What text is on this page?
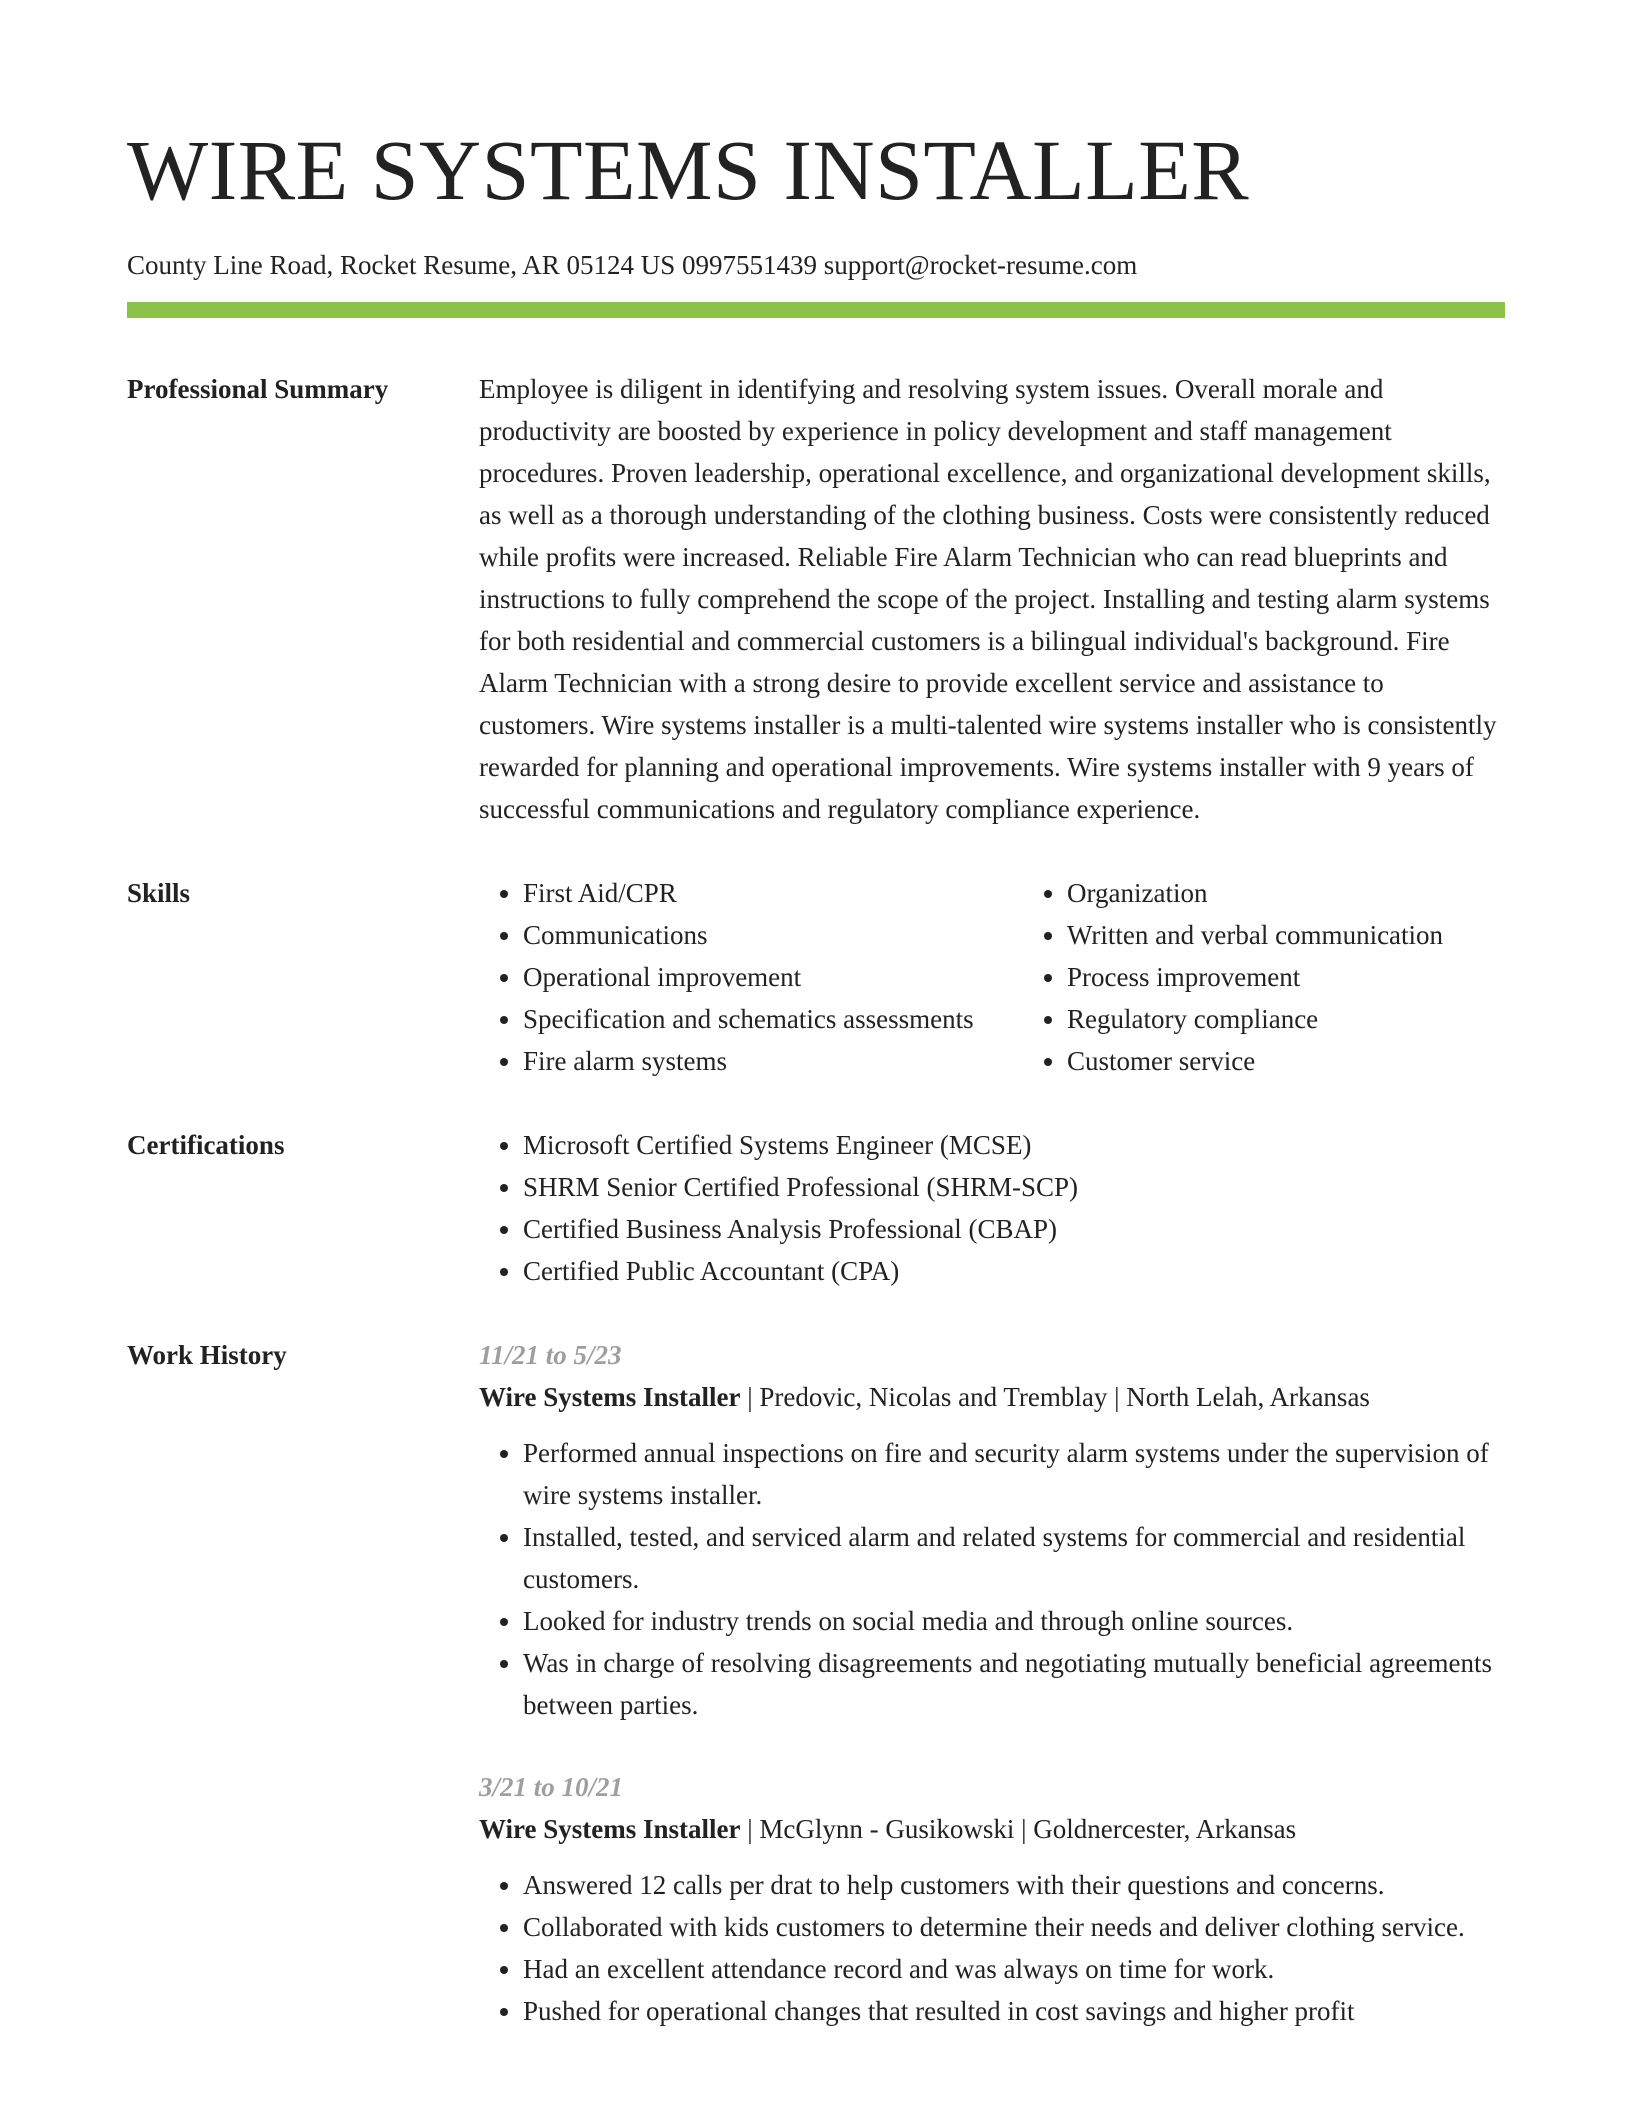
WIRE SYSTEMS INSTALLER
County Line Road, Rocket Resume, AR 05124 US 0997551439 support@rocket-resume.com
Professional Summary	Employee is diligent in identifying and resolving system issues. Overall morale and productivity are boosted by experience in policy development and staff management procedures. Proven leadership, operational excellence, and organizational development skills, as well as a thorough understanding of the clothing business. Costs were consistently reduced while profits were increased. Reliable Fire Alarm Technician who can read blueprints and instructions to fully comprehend the scope of the project. Installing and testing alarm systems for both residential and commercial customers is a bilingual individual's background. Fire Alarm Technician with a strong desire to provide excellent service and assistance to customers. Wire systems installer is a multi-talented wire systems installer who is consistently rewarded for planning and operational improvements. Wire systems installer with 9 years of successful communications and regulatory compliance experience.

Skills	• First Aid/CPR
• Communications
• Operational improvement
• Specification and schematics assessments
• Fire alarm systems
• Organization
• Written and verbal communication
• Process improvement
• Regulatory compliance
• Customer service
Certifications	• Microsoft Certified Systems Engineer (MCSE)
• SHRM Senior Certified Professional (SHRM-SCP)
• Certified Business Analysis Professional (CBAP)
• Certified Public Accountant (CPA)
Work History	11/21 to 5/23
Wire Systems Installer | Predovic, Nicolas and Tremblay | North Lelah, Arkansas
• Performed annual inspections on fire and security alarm systems under the supervision of wire systems installer.
• Installed, tested, and serviced alarm and related systems for commercial and residential customers.
• Looked for industry trends on social media and through online sources.
• Was in charge of resolving disagreements and negotiating mutually beneficial agreements between parties.
3/21 to 10/21
Wire Systems Installer | McGlynn - Gusikowski | Goldnercester, Arkansas
• Answered 12 calls per drat to help customers with their questions and concerns.
• Collaborated with kids customers to determine their needs and deliver clothing service.
• Had an excellent attendance record and was always on time for work.
• Pushed for operational changes that resulted in cost savings and higher profit
